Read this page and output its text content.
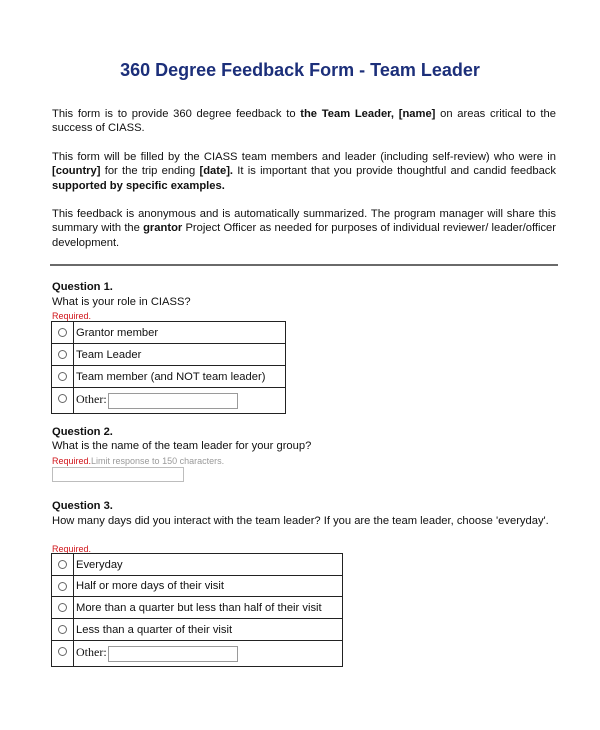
360 Degree Feedback Form - Team Leader
This form is to provide 360 degree feedback to the Team Leader, [name] on areas critical to the success of CIASS.
This form will be filled by the CIASS team members and leader (including self-review) who were in [country] for the trip ending [date]. It is important that you provide thoughtful and candid feedback supported by specific examples.
This feedback is anonymous and is automatically summarized. The program manager will share this summary with the grantor Project Officer as needed for purposes of individual reviewer/ leader/officer development.
Question 1.
What is your role in CIASS?
Required.
	Grantor member
	Team Leader
	Team member (and NOT team leader)
	Other:
Question 2.
What is the name of the team leader for your group?
Required.Limit response to 150 characters.
Question 3.
How many days did you interact with the team leader? If you are the team leader, choose 'everyday'.
Required.
	Everyday
	Half or more days of their visit
	More than a quarter but less than half of their visit
	Less than a quarter of their visit
	Other:
